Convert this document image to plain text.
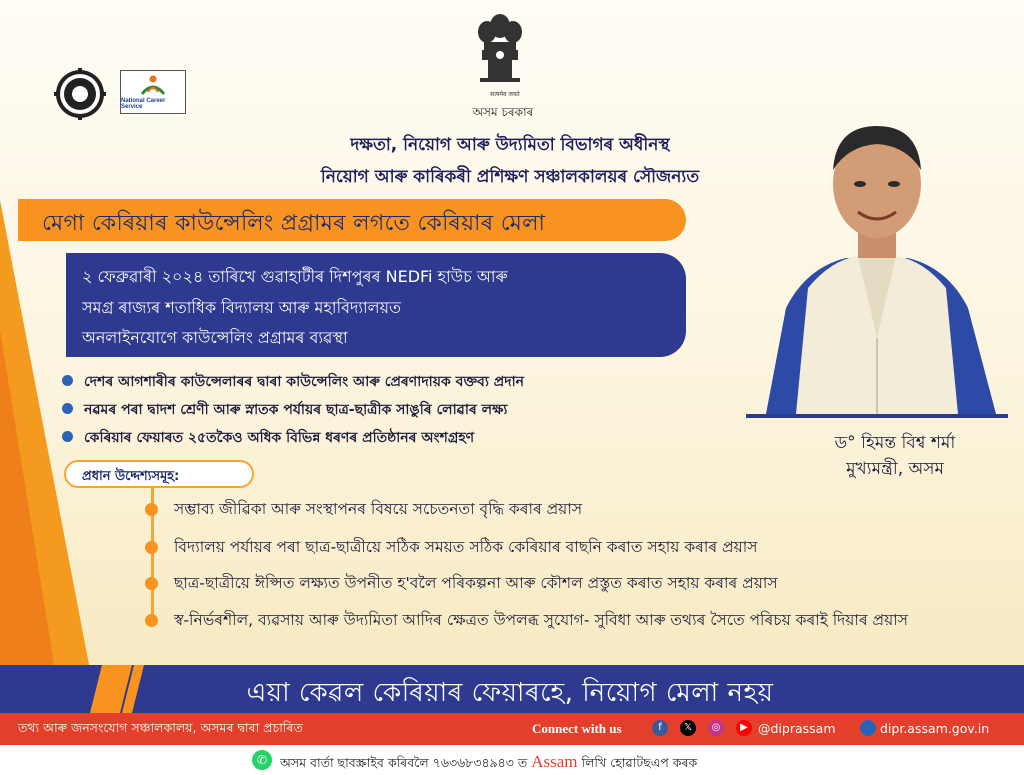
National Career Service
सत्यमेव जयते
অসম চৰকাৰ
দক্ষতা, নিয়োগ আৰু উদ্যমিতা বিভাগৰ অধীনস্থ
নিয়োগ আৰু কাৰিকৰী প্ৰশিক্ষণ সঞ্চালকালয়ৰ সৌজন্যত
মেগা কেৰিয়াৰ কাউন্সেলিং প্ৰগ্ৰামৰ লগতে কেৰিয়াৰ মেলা
২ ফেব্ৰুৱাৰী ২০২৪ তাৰিখে গুৱাহাটীৰ দিশপুৰৰ NEDFi হাউচ আৰু
সমগ্ৰ ৰাজ্যৰ শতাধিক বিদ্যালয় আৰু মহাবিদ্যালয়ত
অনলাইনযোগে কাউন্সেলিং প্ৰগ্ৰামৰ ব্যৱস্থা
দেশৰ আগশাৰীৰ কাউন্সেলাৰৰ দ্বাৰা কাউন্সেলিং আৰু প্ৰেৰণাদায়ক বক্তব্য প্ৰদান
নৱমৰ পৰা দ্বাদশ শ্ৰেণী আৰু স্নাতক পৰ্যায়ৰ ছাত্ৰ-ছাত্ৰীক সাঙুৰি লোৱাৰ লক্ষ্য
কেৰিয়াৰ ফেয়াৰত ২৫তকৈও অধিক বিভিন্ন ধৰণৰ প্ৰতিষ্ঠানৰ অংশগ্ৰহণ
প্ৰধান উদ্দেশ্যসমূহ:
সম্ভাব্য জীৱিকা আৰু সংস্থাপনৰ বিষয়ে সচেতনতা বৃদ্ধি কৰাৰ প্ৰয়াস
বিদ্যালয় পৰ্যায়ৰ পৰা ছাত্ৰ-ছাত্ৰীয়ে সঠিক সময়ত সঠিক কেৰিয়াৰ বাছনি কৰাত সহায় কৰাৰ প্ৰয়াস
ছাত্ৰ-ছাত্ৰীয়ে ঈপ্সিত লক্ষ্যত উপনীত হ'বলৈ পৰিকল্পনা আৰু কৌশল প্ৰস্তুত কৰাত সহায় কৰাৰ প্ৰয়াস
স্ব-নিৰ্ভৰশীল, ব্যৱসায় আৰু উদ্যমিতা আদিৰ ক্ষেত্ৰত উপলব্ধ সুযোগ- সুবিধা আৰু তথ্যৰ সৈতে পৰিচয় কৰাই দিয়াৰ প্ৰয়াস
ড° হিমন্ত বিশ্ব শৰ্মা
মুখ্যমন্ত্ৰী, অসম
এয়া কেৱল কেৰিয়াৰ ফেয়াৰহে, নিয়োগ মেলা নহয়
তথ্য আৰু জনসংযোগ সঞ্চালকালয়, অসমৰ দ্বাৰা প্ৰচাৰিত	Connect with us	f	𝕏	◎	▶ @diprassam	dipr.assam.gov.in
✆	অসম বাৰ্তা ছাবস্ক্ৰাইব কৰিবলৈ ৭৬৩৬৮৩৪৯৪৩ ত Assam লিখি হোৱাটছএপ কৰক
